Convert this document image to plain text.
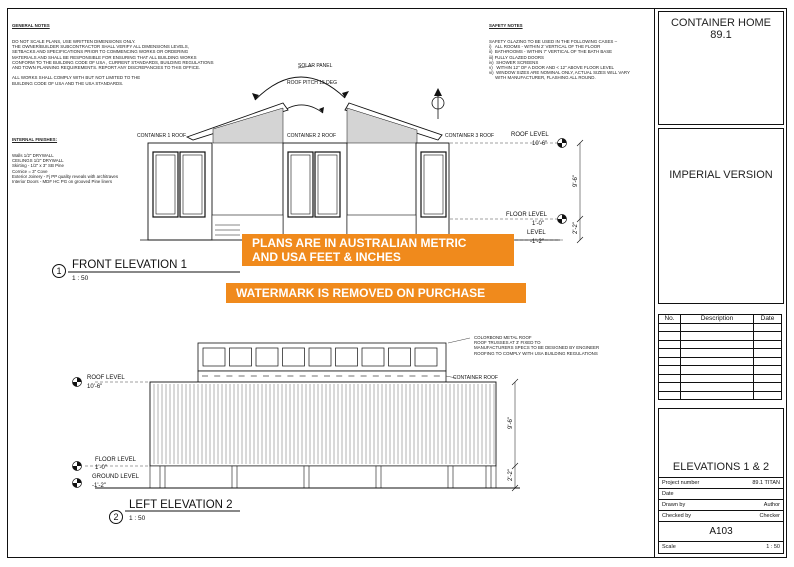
GENERAL NOTES

DO NOT SCALE PLANS, USE WRITTEN DIMENSIONS ONLY.
THE OWNER/BUILDER SUBCONTRACTOR SHALL VERIFY ALL DIMENSIONS LEVELS,
SETBACKS AND SPECIFICATIONS PRIOR TO COMMENCING WORKS OR ORDERING
MATERIALS AND SHALL BE RESPONSIBLE FOR ENSURING THAT ALL BUILDING WORKS
CONFORM TO THE BUILDING CODE OF USA , CURRENT STANDARDS, BUILDING REGULATIONS
AND TOWN PLANNING REQUIREMENTS. REPORT ANY DISCREPANCIES TO THIS OFFICE.

ALL WORKS SHALL COMPLY WITH BUT NOT LIMITED TO THE
BUILDING CODE OF USA AND THE USA STANDARDS.

INTERNAL FINISHES:

Walls 1/2" DRYWALL
CEILINGS 1/2" DRYWALL
Skirting - 1/2" x 3" SB Pine
Cornice = 3" Cove
Exterior Joinery - Fj PP quality reveals with architraves
Interior Doors - MDF HC PG on grooved Pine liners

SAFETY NOTES

SAFETY GLAZING TO BE USED IN THE FOLLOWING CASES –
i)   ALL ROOMS - WITHIN 2' VERTICAL OF THE FLOOR
ii)  BATHROOMS - WITHIN 7' VERTICAL OF THE BATH BASE
iii) FULLY GLAZED DOORS
iv)  SHOWER SCREENS
v)   WITHIN 12" OF A DOOR AND < 12" ABOVE FLOOR LEVEL
vi)  WINDOW SIZES ARE NOMINAL ONLY, ACTUAL SIZES WILL VARY
WITH MANUFACTURER, FLASHING ALL ROUND.

SOLAR PANEL
ROOF PITCH 15 DEG
CONTAINER 1 ROOF	CONTAINER 2 ROOF	CONTAINER 3 ROOF	ROOF LEVEL
10'-6"
FLOOR LEVEL
1'-0"
LEVEL
-1'-2"
9'-6"
2'-2"
1 FRONT ELEVATION 1
1 : 50
COLORBOND METAL ROOF
ROOF TRUSSES AT 3' FIXED TO
MANUFACTURERS SPECS TO BE DESIGNED BY ENGINEER
ROOFING TO COMPLY WITH USA BUILDING REGULATIONS
CONTAINER ROOF
ROOF LEVEL
10'-6"
FLOOR LEVEL
1'-0"
GROUND LEVEL
-1'-2"
9'-6"
2'-2"
2
LEFT ELEVATION 2
1 : 50
PLANS ARE IN AUSTRALIAN METRIC
AND USA FEET & INCHES
WATERMARK IS REMOVED ON PURCHASE
CONTAINER HOME
89.1
IMPERIAL VERSION
No.	Description	Date

ELEVATIONS 1 & 2
Project number	89.1 TITAN
Date
Drawn by	Author
Checked by	Checker
A103
Scale	1 : 50
